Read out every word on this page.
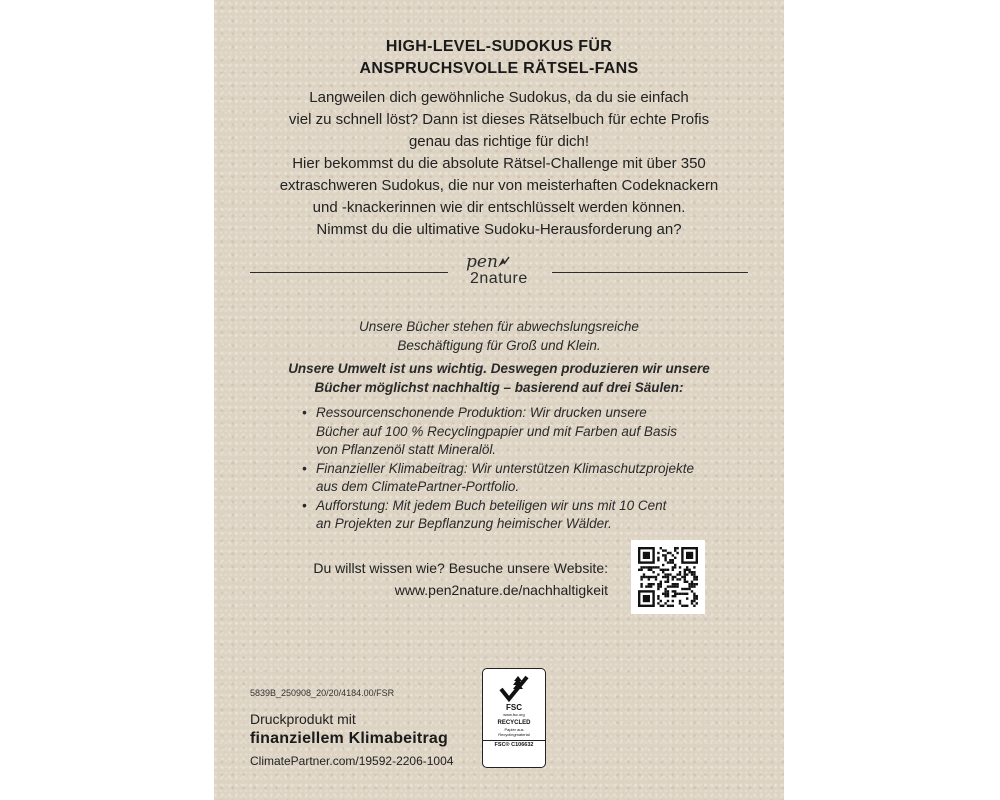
HIGH-LEVEL-SUDOKUS FÜR
ANSPRUCHSVOLLE RÄTSEL-FANS
Langweilen dich gewöhnliche Sudokus, da du sie einfach
viel zu schnell löst? Dann ist dieses Rätselbuch für echte Profis
genau das richtige für dich!
Hier bekommst du die absolute Rätsel-Challenge mit über 350
extraschweren Sudokus, die nur von meisterhaften Codeknackern
und -knackerinnen wie dir entschlüsselt werden können.
Nimmst du die ultimative Sudoku-Herausforderung an?
pen
2nature
Unsere Bücher stehen für abwechslungsreiche
Beschäftigung für Groß und Klein.
Unsere Umwelt ist uns wichtig. Deswegen produzieren wir unsere
Bücher möglichst nachhaltig – basierend auf drei Säulen:
• Ressourcenschonende Produktion: Wir drucken unsere
Bücher auf 100 % Recyclingpapier und mit Farben auf Basis
von Pflanzenöl statt Mineralöl.
• Finanzieller Klimabeitrag: Wir unterstützen Klimaschutzprojekte
aus dem ClimatePartner-Portfolio.
• Aufforstung: Mit jedem Buch beteiligen wir uns mit 10 Cent
an Projekten zur Bepflanzung heimischer Wälder.
Du willst wissen wie? Besuche unsere Website:
www.pen2nature.de/nachhaltigkeit
5839B_250908_20/20/4184.00/FSR
Druckprodukt mit
finanziellem Klimabeitrag
ClimatePartner.com/19592-2206-1004
FSC
www.fsc.org
RECYCLED
Papier aus
Recyclingmaterial
FSC® C106632
